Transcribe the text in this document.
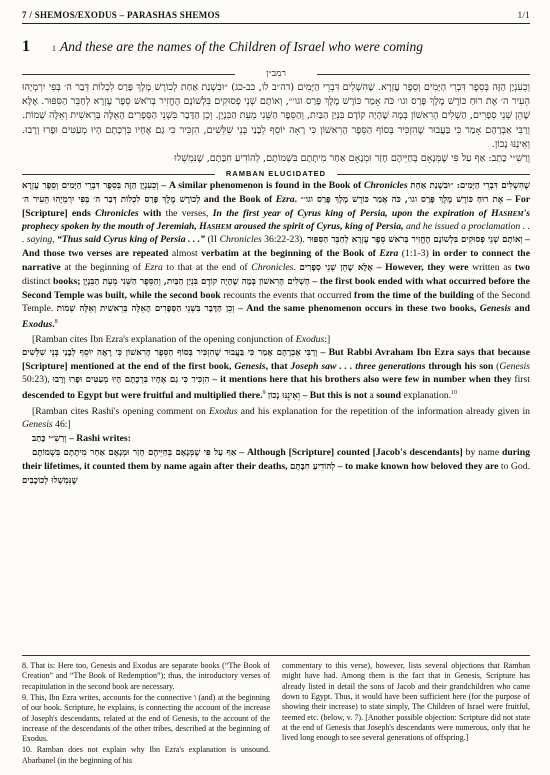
7 / SHEMOS/EXODUS – PARASHAS SHEMOS	1/1
1	1 And these are the names of the Children of Israel who were coming
רמב״ן

וְכֵעִנְיָן הַזֶּה בְּסֵפֶר דִּבְרֵי הַיָּמִים וְסֵפֶר עֶזְרָא. שֶׁהִשְׁלִים דִּבְרֵי הַיָּמִים (דה״ב לו, כב-כג) ״וּבִשְׁנַת אַחַת לְכוֹרֶשׁ מֶלֶךְ פָּרַס לִכְלוֹת דְּבַר ה׳ בְּפִי יִרְמְיָהוּ הֵעִיר ה׳ אֶת רוּחַ כּוֹרֶשׁ מֶלֶךְ פָּרַס וגו׳ כֹּה אָמַר כּוֹרֶשׁ מֶלֶךְ פָּרַס וגו׳״, וְאוֹתָם שְׁנֵי פְסוּקִים בִּלְשׁוֹנָם הֶחֱזִיר בְּרֹאשׁ סֵפֶר עֶזְרָא לְחַבֵּר הַסִּפּוּר. אֶלָּא שֶׁהֵן שְׁנֵי סְפָרִים, הַשְׁלִים הָרִאשׁוֹן בְּמָה שֶׁהָיָה קוֹדֶם בִּנְיַן הַבַּיִת, וְהַסֵּפֶר הַשֵּׁנִי מֵעֵת הַבִּנְיָן. וְכֵן הַדָּבָר בִּשְׁנֵי הַסְּפָרִים הָאֵלֶּה בְּרֵאשִׁית וְאֵלֶּה שְׁמוֹת.

וְרַבִּי אַבְרָהָם אָמַר כִּי בַּעֲבוּר שֶׁהִזְכִּיר בְּסוֹף הַסֵּפֶר הָרִאשׁוֹן כִּי רָאָה יוֹסֵף לְבָנַי בְּנֵי שִׁלֵּשִׁים, הִזְכִּיר כִּי גַם אֶחָיו בִּרְכָתָם הָיוּ מְעַטִּים וּפָרוּ וְרָבוּ. וְאֵינֶנּוּ נָכוֹן.

וְרַשִׁ״י כָּתַב: אַף עַל פִּי שֶׁמְּנָאָם בְּחַיֵּיהֶם חָזַר וּמְנָאָם אַחַר מִיתָתָם בִּשְׁמוֹתָם, לְהוֹדִיעַ חִבָּתָם, שֶׁנִּמְשְׁלוּ

RAMBAN ELUCIDATED

וְכֵעִנְיָן הַזֶּה בְּסֵפֶר דִּבְרֵי הַיָּמִים וְסֵפֶר עֶזְרָא – A similar phenomenon is found in the Book of Chronicles שֶׁהִשְׁלִים דִּבְרֵי הַיָּמִים: ״וּבִשְׁנַת אַחַת לְכוֹרֶשׁ מֶלֶךְ פָּרַס לִכְלוֹת דְּבַר ה׳ בְּפִי יִרְמְיָהוּ הֵעִיר ה׳ and the Book of Ezra. אֶת רוּחַ כּוֹרֶשׁ מֶלֶךְ פָּרַס וגו׳, כֹּה אָמַר כּוֹרֶשׁ מֶלֶךְ פָּרַס וגו׳״ – For [Scripture] ends Chronicles with the verses, In the first year of Cyrus king of Persia, upon the expiration of Hashem's prophecy spoken by the mouth of Jeremiah, Hashem aroused the spirit of Cyrus, king of Persia, and he issued a proclamation . . . saying, “Thus said Cyrus king of Persia . . .” (II Chronicles 36:22-23). וְאוֹתָם שְׁנֵי פְסוּקִים בִּלְשׁוֹנָם הֶחֱזִיר בְּרֹאשׁ סֵפֶר עֶזְרָא לְחַבֵּר הַסִּפּוּר – And those two verses are repeated almost verbatim at the beginning of the Book of Ezra (1:1-3) in order to connect the narrative at the beginning of Ezra to that at the end of Chronicles. אֶלָּא שֶׁהֵן שְׁנֵי סְפָרִים – However, they were written as two distinct books; הַשְׁלִים הָרִאשׁוֹן בְּמָה שֶׁהָיָה קוֹדֶם בִּנְיַן הַבַּיִת, וְהַסֵּפֶר הַשֵּׁנִי מֵעֵת הַבִּנְיָן – the first book ended with what occurred before the Second Temple was built, while the second book recounts the events that occurred from the time of the building of the Second Temple. וְכֵן הַדָּבָר בִּשְׁנֵי הַסְּפָרִים הָאֵלֶּה בְּרֵאשִׁית וְאֵלֶּה שְׁמוֹת – And the same phenomenon occurs in these two books, Genesis and Exodus.$^8$

[Ramban cites Ibn Ezra's explanation of the opening conjunction of Exodus:]

וְרַבִּי אַבְרָהָם אָמַר כִּי בַּעֲבוּר שֶׁהִזְכִּיר בְּסוֹף הַסֵּפֶר הָרִאשׁוֹן כִּי רָאָה יוֹסֵף לְבָנַי בְּנֵי שִׁלֵּשִׁים – But Rabbi Avraham Ibn Ezra says that because [Scripture] mentioned at the end of the first book, Genesis, that Joseph saw . . . three generations through his son (Genesis 50:23), הִזְכִּיר כִּי גַם אֶחָיו בִּרְכָתָם הָיוּ מְעַטִּים וּפָרוּ וְרָבוּ – it mentions here that his brothers also were few in number when they first descended to Egypt but were fruitful and multiplied there.$^9$ וְאֵינֶנּוּ נָכוֹן – But this is not a sound explanation.$^{10}$

[Ramban cites Rashi's opening comment on Exodus and his explanation for the repetition of the information already given in Genesis 46:]

וְרַשִׁ״י כָּתַב – Rashi writes:

אַף עַל פִּי שֶׁמְּנָאָם בְּחַיֵּיהֶם חָזַר וּמְנָאָם אַחַר מִיתָתָם בִּשְׁמוֹתָם – Although [Scripture] counted [Jacob's descendants] by name during their lifetimes, it counted them by name again after their deaths, לְהוֹדִיעַ חִבָּתָם – to make known how beloved they are to God. שֶׁנִּמְשְׁלוּ לְכוֹכָבִים

8. That is: Here too, Genesis and Exodus are separate books (“The Book of Creation” and “The Book of Redemption”); thus, the introductory verses of recapitulation in the second book are necessary.

9. This, Ibn Ezra writes, accounts for the connective ו (and) at the beginning of our book. Scripture, he explains, is connecting the account of the increase of Joseph's descendants, related at the end of Genesis, to the account of the increase of the descendants of the other tribes, described at the beginning of Exodus.

10. Ramban does not explain why Ibn Ezra's explanation is unsound. Abarbanel (in the beginning of his

commentary to this verse), however, lists several objections that Ramban might have had. Among them is the fact that in Genesis, Scripture has already listed in detail the sons of Jacob and their grandchildren who came down to Egypt. Thus, it would have been sufficient here (for the purpose of showing their increase) to state simply, The Children of Israel were fruitful, teemed etc. (below, v. 7). [Another possible objection: Scripture did not state at the end of Genesis that Joseph's descendants were numerous, only that he lived long enough to see several generations of offspring.]
